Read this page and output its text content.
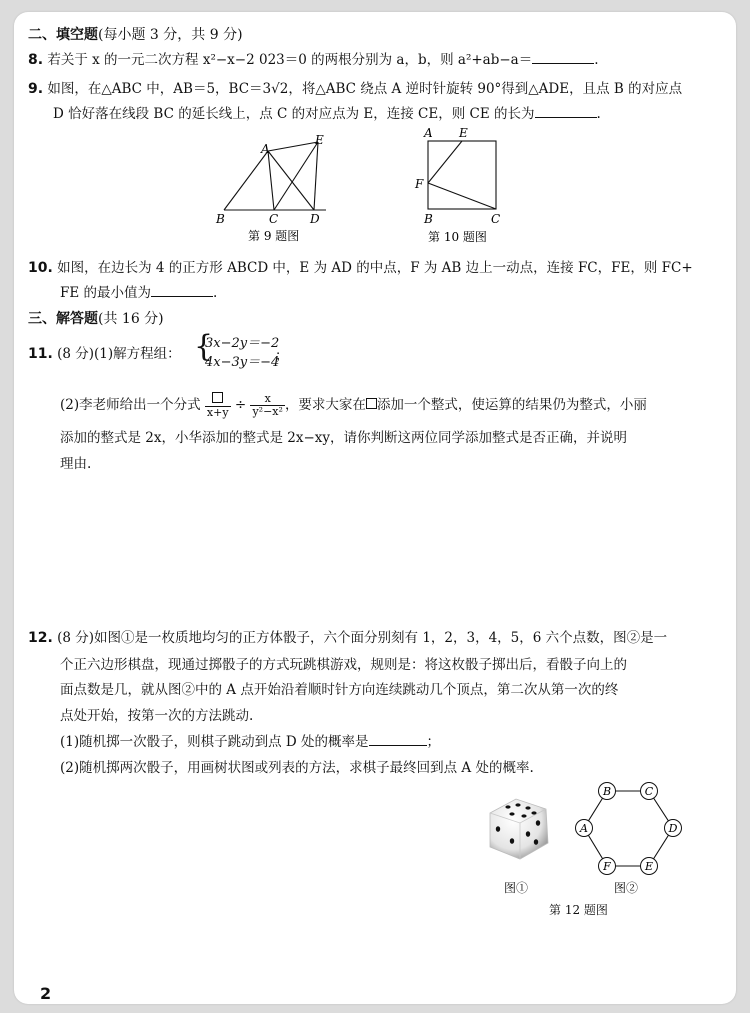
二、填空题(每小题 3 分，共 9 分)
8. 若关于 x 的一元二次方程 x²−x−2 023＝0 的两根分别为 a，b，则 a²+ab−a＝	.
9. 如图，在△ABC 中，AB＝5，BC＝3√2，将△ABC 绕点 A 逆时针旋转 90°得到△ADE，且点 B 的对应点
D 恰好落在线段 BC 的延长线上，点 C 的对应点为 E，连接 CE，则 CE 的长为	.
A
E
B	C	D
第 9 题图
A E
F
B	C
第 10 题图
10. 如图，在边长为 4 的正方形 ABCD 中，E 为 AD 的中点，F 为 AB 边上一动点，连接 FC，FE，则 FC+
FE 的最小值为	.
三、解答题(共 16 分)
11. (8 分)(1)解方程组： {
3x−2y＝−2
4x−3y＝−4
；
(2)李老师给出一个分式 $x+y \div \frac{x}{\text{y²−x²}}$ ，要求大家在 添加一个整式，使运算的结果仍为整式，小丽
添加的整式是 2x，小华添加的整式是 2x−xy，请你判断这两位同学添加整式是否正确，并说明
理由.
12. (8 分)如图①是一枚质地均匀的正方体骰子，六个面分别刻有 1，2，3，4，5，6 六个点数，图②是一
个正六边形棋盘，现通过掷骰子的方式玩跳棋游戏，规则是：将这枚骰子掷出后，看骰子向上的
面点数是几，就从图②中的 A 点开始沿着顺时针方向连续跳动几个顶点，第二次从第一次的终
点处开始，按第一次的方法跳动.
(1)随机掷一次骰子，则棋子跳动到点 D 处的概率是	；
(2)随机掷两次骰子，用画树状图或列表的方法，求棋子最终回到点 A 处的概率.
B	C
D
E
F
A
图①	图②
第 12 题图
2
